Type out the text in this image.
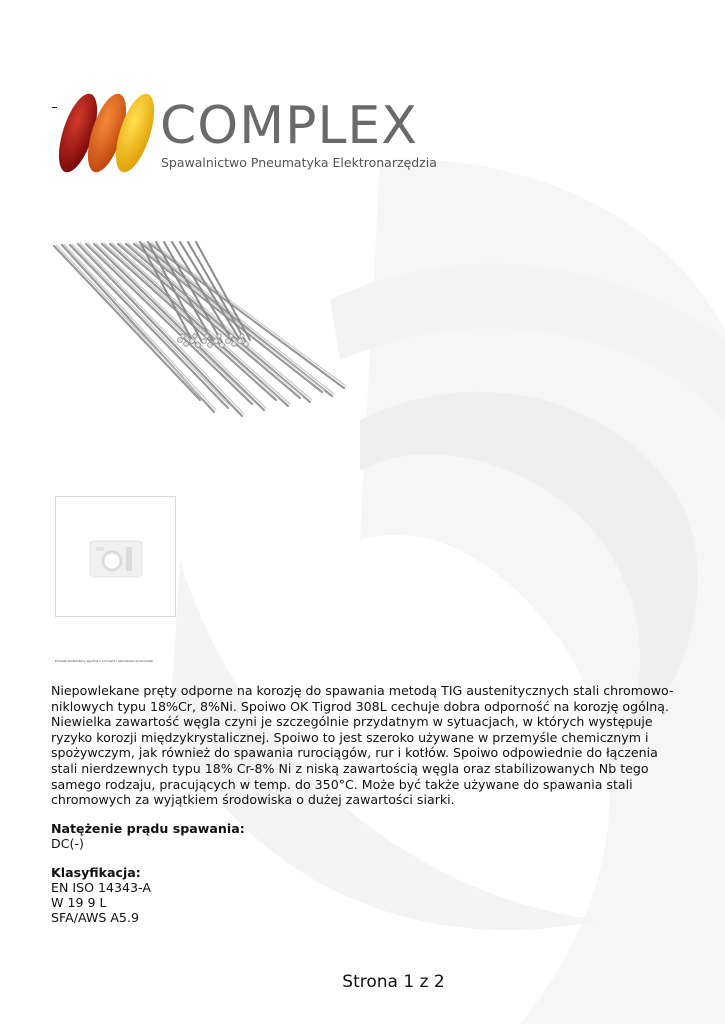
COMPLEX
Spawalnictwo Pneumatyka Elektronarzędzia
Produkt dostarczany zgodnie z normami i warunkami producenta

Niepowlekane pręty odporne na korozję do spawania metodą TIG austenitycznych stali chromowo-niklowych typu 18%Cr, 8%Ni. Spoiwo OK Tigrod 308L cechuje dobra odporność na korozję ogólną. Niewielka zawartość węgla czyni je szczególnie przydatnym w sytuacjach, w których występuje ryzyko korozji międzykrystalicznej. Spoiwo to jest szeroko używane w przemyśle chemicznym i spożywczym, jak również do spawania rurociągów, rur i kotłów. Spoiwo odpowiednie do łączenia stali nierdzewnych typu 18% Cr-8% Ni z niską zawartością węgla oraz stabilizowanych Nb tego samego rodzaju, pracujących w temp. do 350°C. Może być także używane do spawania stali chromowych za wyjątkiem środowiska o dużej zawartości siarki.

Natężenie prądu spawania:
DC(-)
Klasyfikacja:
EN ISO 14343-A
W 19 9 L
SFA/AWS A5.9
Strona 1 z 2
